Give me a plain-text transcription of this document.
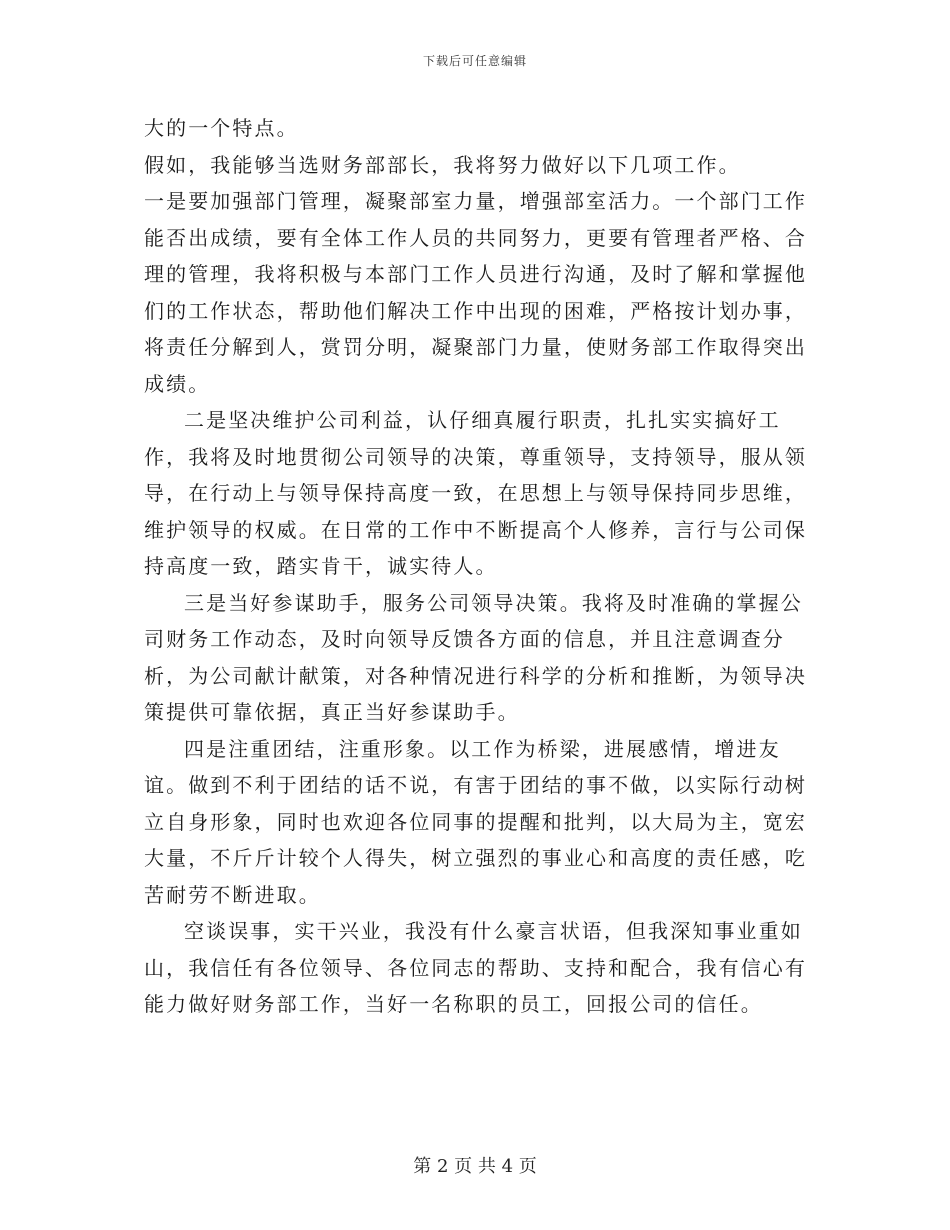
下载后可任意编辑

大的一个特点。

假如，我能够当选财务部部长，我将努力做好以下几项工作。

一是要加强部门管理，凝聚部室力量，增强部室活力。一个部门工作能否出成绩，要有全体工作人员的共同努力，更要有管理者严格、合理的管理，我将积极与本部门工作人员进行沟通，及时了解和掌握他们的工作状态，帮助他们解决工作中出现的困难，严格按计划办事，将责任分解到人，赏罚分明，凝聚部门力量，使财务部工作取得突出成绩。

二是坚决维护公司利益，认仔细真履行职责，扎扎实实搞好工作，我将及时地贯彻公司领导的决策，尊重领导，支持领导，服从领导，在行动上与领导保持高度一致，在思想上与领导保持同步思维，维护领导的权威。在日常的工作中不断提高个人修养，言行与公司保持高度一致，踏实肯干，诚实待人。

三是当好参谋助手，服务公司领导决策。我将及时准确的掌握公司财务工作动态，及时向领导反馈各方面的信息，并且注意调查分析，为公司献计献策，对各种情况进行科学的分析和推断，为领导决策提供可靠依据，真正当好参谋助手。

四是注重团结，注重形象。以工作为桥梁，进展感情，增进友谊。做到不利于团结的话不说，有害于团结的事不做，以实际行动树立自身形象，同时也欢迎各位同事的提醒和批判，以大局为主，宽宏大量，不斤斤计较个人得失，树立强烈的事业心和高度的责任感，吃苦耐劳不断进取。

空谈误事，实干兴业，我没有什么豪言状语，但我深知事业重如山，我信任有各位领导、各位同志的帮助、支持和配合，我有信心有能力做好财务部工作，当好一名称职的员工，回报公司的信任。

第 2 页 共 4 页
